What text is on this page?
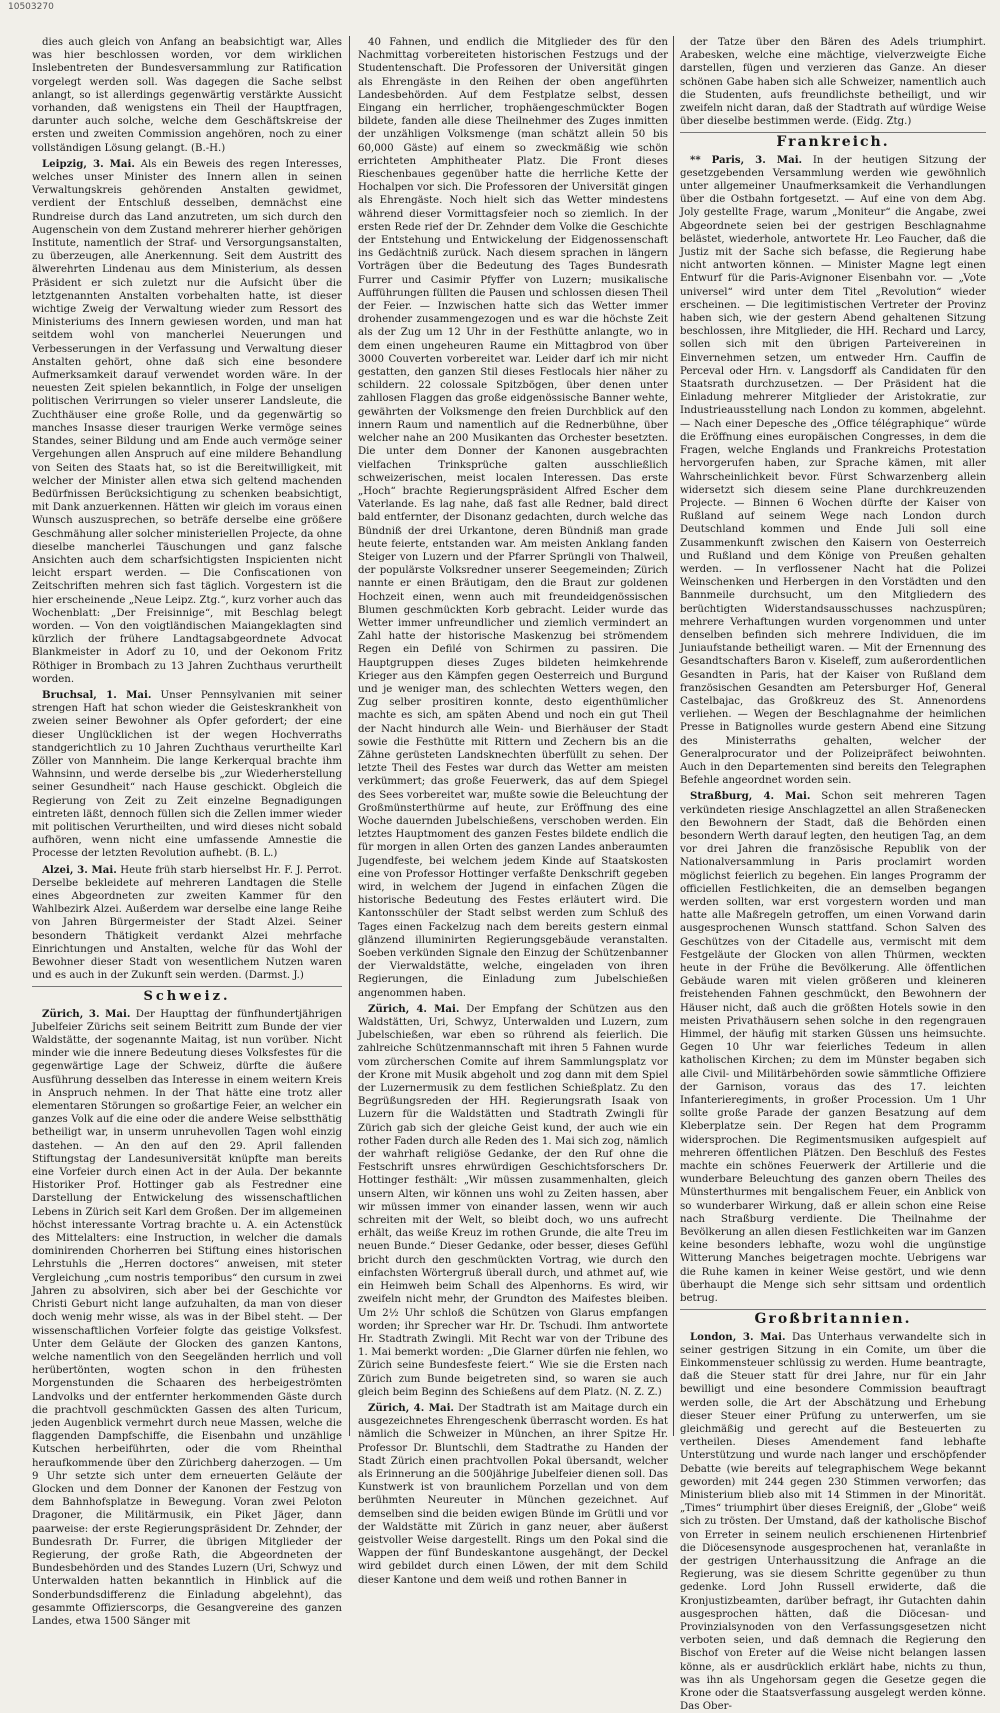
10503270

dies auch gleich von Anfang an beabsichtigt war, Alles was hier beschlossen worden, vor dem wirklichen Inslebentreten der Bundesversammlung zur Ratification vorgelegt werden soll. Was dagegen die Sache selbst anlangt, so ist allerdings gegenwärtig verstärkte Aussicht vorhanden, daß wenigstens ein Theil der Hauptfragen, darunter auch solche, welche dem Geschäftskreise der ersten und zweiten Commission angehören, noch zu einer vollständigen Lösung gelangt. (B.-H.)

Leipzig, 3. Mai. Als ein Beweis des regen Interesses, welches unser Minister des Innern allen in seinen Verwaltungskreis gehörenden Anstalten gewidmet, verdient der Entschluß desselben, demnächst eine Rundreise durch das Land anzutreten, um sich durch den Augenschein von dem Zustand mehrerer hierher gehörigen Institute, namentlich der Straf- und Versorgungsanstalten, zu überzeugen, alle Anerkennung. Seit dem Austritt des älwerehrten Lindenau aus dem Ministerium, als dessen Präsident er sich zuletzt nur die Aufsicht über die letztgenannten Anstalten vorbehalten hatte, ist dieser wichtige Zweig der Verwaltung wieder zum Ressort des Ministeriums des Innern gewiesen worden, und man hat seitdem wohl von mancherlei Neuerungen und Verbesserungen in der Verfassung und Verwaltung dieser Anstalten gehört, ohne daß sich eine besondere Aufmerksamkeit darauf verwendet worden wäre. In der neuesten Zeit spielen bekanntlich, in Folge der unseligen politischen Verirrungen so vieler unserer Landsleute, die Zuchthäuser eine große Rolle, und da gegenwärtig so manches Insasse dieser traurigen Werke vermöge seines Standes, seiner Bildung und am Ende auch vermöge seiner Vergehungen allen Anspruch auf eine mildere Behandlung von Seiten des Staats hat, so ist die Bereitwilligkeit, mit welcher der Minister allen etwa sich geltend machenden Bedürfnissen Berücksichtigung zu schenken beabsichtigt, mit Dank anzuerkennen. Hätten wir gleich im voraus einen Wunsch auszusprechen, so beträfe derselbe eine größere Geschmähung aller solcher ministeriellen Projecte, da ohne dieselbe mancherlei Täuschungen und ganz falsche Ansichten auch dem scharfsichtigsten Inspicienten nicht leicht erspart werden. — Die Confiscationen von Zeitschriften mehren sich fast täglich. Vorgestern ist die hier erscheinende „Neue Leipz. Ztg.“, kurz vorher auch das Wochenblatt: „Der Freisinnige“, mit Beschlag belegt worden. — Von den voigtländischen Maiangeklagten sind kürzlich der frühere Landtagsabgeordnete Advocat Blankmeister in Adorf zu 10, und der Oekonom Fritz Röthiger in Brombach zu 13 Jahren Zuchthaus verurtheilt worden.

Bruchsal, 1. Mai. Unser Pennsylvanien mit seiner strengen Haft hat schon wieder die Geisteskrankheit von zweien seiner Bewohner als Opfer gefordert; der eine dieser Unglücklichen ist der wegen Hochverraths standgerichtlich zu 10 Jahren Zuchthaus verurtheilte Karl Zöller von Mannheim. Die lange Kerkerqual brachte ihm Wahnsinn, und werde derselbe bis „zur Wiederherstellung seiner Gesundheit“ nach Hause geschickt. Obgleich die Regierung von Zeit zu Zeit einzelne Begnadigungen eintreten läßt, dennoch füllen sich die Zellen immer wieder mit politischen Verurtheilten, und wird dieses nicht sobald aufhören, wenn nicht eine umfassende Amnestie die Processe der letzten Revolution aufhebt. (B. L.)

Alzei, 3. Mai. Heute früh starb hierselbst Hr. F. J. Perrot. Derselbe bekleidete auf mehreren Landtagen die Stelle eines Abgeordneten zur zweiten Kammer für den Wahlbezirk Alzei. Außerdem war derselbe eine lange Reihe von Jahren Bürgermeister der Stadt Alzei. Seiner besondern Thätigkeit verdankt Alzei mehrfache Einrichtungen und Anstalten, welche für das Wohl der Bewohner dieser Stadt von wesentlichem Nutzen waren und es auch in der Zukunft sein werden. (Darmst. J.)

Schweiz.

Zürich, 3. Mai. Der Haupttag der fünfhundertjährigen Jubelfeier Zürichs seit seinem Beitritt zum Bunde der vier Waldstätte, der sogenannte Maitag, ist nun vorüber. Nicht minder wie die innere Bedeutung dieses Volksfestes für die gegenwärtige Lage der Schweiz, dürfte die äußere Ausführung desselben das Interesse in einem weitern Kreis in Anspruch nehmen. In der That hätte eine trotz aller elementaren Störungen so großartige Feier, an welcher ein ganzes Volk auf die eine oder die andere Weise selbstthätig betheiligt war, in unserm unruhevollen Tagen wohl einzig dastehen. — An den auf den 29. April fallenden Stiftungstag der Landesuniversität knüpfte man bereits eine Vorfeier durch einen Act in der Aula. Der bekannte Historiker Prof. Hottinger gab als Festredner eine Darstellung der Entwickelung des wissenschaftlichen Lebens in Zürich seit Karl dem Großen. Der im allgemeinen höchst interessante Vortrag brachte u. A. ein Actenstück des Mittelalters: eine Instruction, in welcher die damals dominirenden Chorherren bei Stiftung eines historischen Lehrstuhls die „Herren doctores“ anweisen, mit steter Vergleichung „cum nostris temporibus“ den cursum in zwei Jahren zu absolviren, sich aber bei der Geschichte vor Christi Geburt nicht lange aufzuhalten, da man von dieser doch wenig mehr wisse, als was in der Bibel steht. — Der wissenschaftlichen Vorfeier folgte das geistige Volksfest. Unter dem Geläute der Glocken des ganzen Kantons, welche namentlich von den Seegeländen herrlich und voll herübertönten, wogten schon in den frühesten Morgenstunden die Schaaren des herbeigeströmten Landvolks und der entfernter herkommenden Gäste durch die prachtvoll geschmückten Gassen des alten Turicum, jeden Augenblick vermehrt durch neue Massen, welche die flaggenden Dampfschiffe, die Eisenbahn und unzählige Kutschen herbeiführten, oder die vom Rheinthal heraufkommende über den Zürichberg daherzogen. — Um 9 Uhr setzte sich unter dem erneuerten Geläute der Glocken und dem Donner der Kanonen der Festzug von dem Bahnhofsplatze in Bewegung. Voran zwei Peloton Dragoner, die Militärmusik, ein Piket Jäger, dann paarweise: der erste Regierungspräsident Dr. Zehnder, der Bundesrath Dr. Furrer, die übrigen Mitglieder der Regierung, der große Rath, die Abgeordneten der Bundesbehörden und des Standes Luzern (Uri, Schwyz und Unterwalden hatten bekanntlich in Hinblick auf die Sonderbundsdifferenz die Einladung abgelehnt), das gesammte Offizierscorps, die Gesangvereine des ganzen Landes, etwa 1500 Sänger mit

40 Fahnen, und endlich die Mitglieder des für den Nachmittag vorbereiteten historischen Festzugs und der Studentenschaft. Die Professoren der Universität gingen als Ehrengäste in den Reihen der oben angeführten Landesbehörden. Auf dem Festplatze selbst, dessen Eingang ein herrlicher, trophäengeschmückter Bogen bildete, fanden alle diese Theilnehmer des Zuges inmitten der unzähligen Volksmenge (man schätzt allein 50 bis 60,000 Gäste) auf einem so zweckmäßig wie schön errichteten Amphitheater Platz. Die Front dieses Rieschenbaues gegenüber hatte die herrliche Kette der Hochalpen vor sich. Die Professoren der Universität gingen als Ehrengäste. Noch hielt sich das Wetter mindestens während dieser Vormittagsfeier noch so ziemlich. In der ersten Rede rief der Dr. Zehnder dem Volke die Geschichte der Entstehung und Entwickelung der Eidgenossenschaft ins Gedächtniß zurück. Nach diesem sprachen in längern Vorträgen über die Bedeutung des Tages Bundesrath Furrer und Casimir Pfyffer von Luzern; musikalische Aufführungen füllten die Pausen und schlossen diesen Theil der Feier. — Inzwischen hatte sich das Wetter immer drohender zusammengezogen und es war die höchste Zeit als der Zug um 12 Uhr in der Festhütte anlangte, wo in dem einen ungeheuren Raume ein Mittagbrod von über 3000 Couverten vorbereitet war. Leider darf ich mir nicht gestatten, den ganzen Stil dieses Festlocals hier näher zu schildern. 22 colossale Spitzbögen, über denen unter zahllosen Flaggen das große eidgenössische Banner wehte, gewährten der Volksmenge den freien Durchblick auf den innern Raum und namentlich auf die Rednerbühne, über welcher nahe an 200 Musikanten das Orchester besetzten. Die unter dem Donner der Kanonen ausgebrachten vielfachen Trinksprüche galten ausschließlich schweizerischen, meist localen Interessen. Das erste „Hoch“ brachte Regierungspräsident Alfred Escher dem Vaterlande. Es lag nahe, daß fast alle Redner, bald direct bald entfernter, der Disonanz gedachten, durch welche das Bündniß der drei Urkantone, deren Bündniß man grade heute feierte, entstanden war. Am meisten Anklang fanden Steiger von Luzern und der Pfarrer Sprüngli von Thalweil, der populärste Volksredner unserer Seegemeinden; Zürich nannte er einen Bräutigam, den die Braut zur goldenen Hochzeit einen, wenn auch mit freundeidgenössischen Blumen geschmückten Korb gebracht. Leider wurde das Wetter immer unfreundlicher und ziemlich vermindert an Zahl hatte der historische Maskenzug bei strömendem Regen ein Defilé von Schirmen zu passiren. Die Hauptgruppen dieses Zuges bildeten heimkehrende Krieger aus den Kämpfen gegen Oesterreich und Burgund und je weniger man, des schlechten Wetters wegen, den Zug selber prositiren konnte, desto eigenthümlicher machte es sich, am späten Abend und noch ein gut Theil der Nacht hindurch alle Wein- und Bierhäuser der Stadt sowie die Festhütte mit Rittern und Zechern bis an die Zähne gerüsteten Landsknechten überfüllt zu sehen. Der letzte Theil des Festes war durch das Wetter am meisten verkümmert; das große Feuerwerk, das auf dem Spiegel des Sees vorbereitet war, mußte sowie die Beleuchtung der Großmünsterthürme auf heute, zur Eröffnung des eine Woche dauernden Jubelschießens, verschoben werden. Ein letztes Hauptmoment des ganzen Festes bildete endlich die für morgen in allen Orten des ganzen Landes anberaumten Jugendfeste, bei welchem jedem Kinde auf Staatskosten eine von Professor Hottinger verfaßte Denkschrift gegeben wird, in welchem der Jugend in einfachen Zügen die historische Bedeutung des Festes erläutert wird. Die Kantonsschüler der Stadt selbst werden zum Schluß des Tages einen Fackelzug nach dem bereits gestern einmal glänzend illuminirten Regierungsgebäude veranstalten. Soeben verkünden Signale den Einzug der Schützenbanner der Vierwaldstätte, welche, eingeladen von ihren Regierungen, die Einladung zum Jubelschießen angenommen haben.

Zürich, 4. Mai. Der Empfang der Schützen aus den Waldstätten, Uri, Schwyz, Unterwalden und Luzern, zum Jubelschießen, war eben so rührend als feierlich. Die zahlreiche Schützenmannschaft mit ihren 5 Fahnen wurde vom zürcherschen Comite auf ihrem Sammlungsplatz vor der Krone mit Musik abgeholt und zog dann mit dem Spiel der Luzernermusik zu dem festlichen Schießplatz. Zu den Begrüßungsreden der HH. Regierungsrath Isaak von Luzern für die Waldstätten und Stadtrath Zwingli für Zürich gab sich der gleiche Geist kund, der auch wie ein rother Faden durch alle Reden des 1. Mai sich zog, nämlich der wahrhaft religiöse Gedanke, der den Ruf ohne die Festschrift unsres ehrwürdigen Geschichtsforschers Dr. Hottinger festhält: „Wir müssen zusammenhalten, gleich unsern Alten, wir können uns wohl zu Zeiten hassen, aber wir müssen immer von einander lassen, wenn wir auch schreiten mit der Welt, so bleibt doch, wo uns aufrecht erhält, das weiße Kreuz im rothen Grunde, die alte Treu im neuen Bunde.“ Dieser Gedanke, oder besser, dieses Gefühl bricht durch den geschmückten Vortrag, wie durch den einfachsten Wörtergruß überall durch, und athmet auf, wie ein Heimweh beim Schall des Alpenhorns. Es wird, wir zweifeln nicht mehr, der Grundton des Maifestes bleiben. Um 2½ Uhr schloß die Schützen von Glarus empfangen worden; ihr Sprecher war Hr. Dr. Tschudi. Ihm antwortete Hr. Stadtrath Zwingli. Mit Recht war von der Tribune des 1. Mai bemerkt worden: „Die Glarner dürfen nie fehlen, wo Zürich seine Bundesfeste feiert.“ Wie sie die Ersten nach Zürich zum Bunde beigetreten sind, so waren sie auch gleich beim Beginn des Schießens auf dem Platz. (N. Z. Z.)

Zürich, 4. Mai. Der Stadtrath ist am Maitage durch ein ausgezeichnetes Ehrengeschenk überrascht worden. Es hat nämlich die Schweizer in München, an ihrer Spitze Hr. Professor Dr. Bluntschli, dem Stadtrathe zu Handen der Stadt Zürich einen prachtvollen Pokal übersandt, welcher als Erinnerung an die 500jährige Jubelfeier dienen soll. Das Kunstwerk ist von braunlichem Porzellan und von dem berühmten Neureuter in München gezeichnet. Auf demselben sind die beiden ewigen Bünde im Grütli und vor der Waldstätte mit Zürich in ganz neuer, aber äußerst geistvoller Weise dargestellt. Rings um den Pokal sind die Wappen der fünf Bundeskantone ausgehängt, der Deckel wird gebildet durch einen Löwen, der mit dem Schild dieser Kantone und dem weiß und rothen Banner in

der Tatze über den Bären des Adels triumphirt. Arabesken, welche eine mächtige, vielverzweigte Eiche darstellen, fügen und verzieren das Ganze. An dieser schönen Gabe haben sich alle Schweizer, namentlich auch die Studenten, aufs freundlichste betheiligt, und wir zweifeln nicht daran, daß der Stadtrath auf würdige Weise über dieselbe bestimmen werde. (Eidg. Ztg.)

Frankreich.

** Paris, 3. Mai. In der heutigen Sitzung der gesetzgebenden Versammlung werden wie gewöhnlich unter allgemeiner Unaufmerksamkeit die Verhandlungen über die Ostbahn fortgesetzt. — Auf eine von dem Abg. Joly gestellte Frage, warum „Moniteur“ die Angabe, zwei Abgeordnete seien bei der gestrigen Beschlagnahme belästet, wiederhole, antwortete Hr. Leo Faucher, daß die Justiz mit der Sache sich befasse, die Regierung habe nicht antworten können. — Minister Magne legt einen Entwurf für die Paris-Avignoner Eisenbahn vor. — „Vote universel“ wird unter dem Titel „Revolution“ wieder erscheinen. — Die legitimistischen Vertreter der Provinz haben sich, wie der gestern Abend gehaltenen Sitzung beschlossen, ihre Mitglieder, die HH. Rechard und Larcy, sollen sich mit den übrigen Parteivereinen in Einvernehmen setzen, um entweder Hrn. Cauffin de Perceval oder Hrn. v. Langsdorff als Candidaten für den Staatsrath durchzusetzen. — Der Präsident hat die Einladung mehrerer Mitglieder der Aristokratie, zur Industrieausstellung nach London zu kommen, abgelehnt. — Nach einer Depesche des „Office télégraphique“ würde die Eröffnung eines europäischen Congresses, in dem die Fragen, welche Englands und Frankreichs Protestation hervorgerufen haben, zur Sprache kämen, mit aller Wahrscheinlichkeit bevor. Fürst Schwarzenberg allein widersetzt sich diesem seine Plane durchkreuzenden Projecte. — Binnen 6 Wochen dürfte der Kaiser von Rußland auf seinem Wege nach London durch Deutschland kommen und Ende Juli soll eine Zusammenkunft zwischen den Kaisern von Oesterreich und Rußland und dem Könige von Preußen gehalten werden. — In verflossener Nacht hat die Polizei Weinschenken und Herbergen in den Vorstädten und den Bannmeile durchsucht, um den Mitgliedern des berüchtigten Widerstandsausschusses nachzuspüren; mehrere Verhaftungen wurden vorgenommen und unter denselben befinden sich mehrere Individuen, die im Juniaufstande betheiligt waren. — Mit der Ernennung des Gesandtschafters Baron v. Kiseleff, zum außerordentlichen Gesandten in Paris, hat der Kaiser von Rußland dem französischen Gesandten am Petersburger Hof, General Castelbajac, das Großkreuz des St. Annenordens verliehen. — Wegen der Beschlagnahme der heimlichen Presse in Batignolles wurde gestern Abend eine Sitzung des Ministerraths gehalten, welcher der Generalprocurator und der Polizeipräfect beiwohnten. Auch in den Departementen sind bereits den Telegraphen Befehle angeordnet worden sein.

Straßburg, 4. Mai. Schon seit mehreren Tagen verkündeten riesige Anschlagzettel an allen Straßenecken den Bewohnern der Stadt, daß die Behörden einen besondern Werth darauf legten, den heutigen Tag, an dem vor drei Jahren die französische Republik von der Nationalversammlung in Paris proclamirt worden möglichst feierlich zu begehen. Ein langes Programm der officiellen Festlichkeiten, die an demselben begangen werden sollten, war erst vorgestern worden und man hatte alle Maßregeln getroffen, um einen Vorwand darin ausgesprochenen Wunsch stattfand. Schon Salven des Geschützes von der Citadelle aus, vermischt mit dem Festgeläute der Glocken von allen Thürmen, weckten heute in der Frühe die Bevölkerung. Alle öffentlichen Gebäude waren mit vielen größeren und kleineren freistehenden Fahnen geschmückt, den Bewohnern der Häuser nicht, daß auch die größten Hotels sowie in den meisten Privathäusern sehen solche in den regengrauen Himmel, der häufig mit starken Güssen uns heimsuchte. Gegen 10 Uhr war feierliches Tedeum in allen katholischen Kirchen; zu dem im Münster begaben sich alle Civil- und Militärbehörden sowie sämmtliche Offiziere der Garnison, voraus das des 17. leichten Infanterieregiments, in großer Procession. Um 1 Uhr sollte große Parade der ganzen Besatzung auf dem Kleberplatze sein. Der Regen hat dem Programm widersprochen. Die Regimentsmusiken aufgespielt auf mehreren öffentlichen Plätzen. Den Beschluß des Festes machte ein schönes Feuerwerk der Artillerie und die wunderbare Beleuchtung des ganzen obern Theiles des Münsterthurmes mit bengalischem Feuer, ein Anblick von so wunderbarer Wirkung, daß er allein schon eine Reise nach Straßburg verdiente. Die Theilnahme der Bevölkerung an allen diesen Festlichkeiten war im Ganzen keine besonders lebhafte, wozu wohl die ungünstige Witterung Manches beigetragen mochte. Uebrigens war die Ruhe kamen in keiner Weise gestört, und wie denn überhaupt die Menge sich sehr sittsam und ordentlich betrug.

Großbritannien.

London, 3. Mai. Das Unterhaus verwandelte sich in seiner gestrigen Sitzung in ein Comite, um über die Einkommensteuer schlüssig zu werden. Hume beantragte, daß die Steuer statt für drei Jahre, nur für ein Jahr bewilligt und eine besondere Commission beauftragt werden solle, die Art der Abschätzung und Erhebung dieser Steuer einer Prüfung zu unterwerfen, um sie gleichmäßig und gerecht auf die Besteuerten zu vertheilen. Dieses Amendement fand lebhafte Unterstützung und wurde nach langer und erschöpfender Debatte (wie bereits auf telegraphischem Wege bekannt geworden) mit 244 gegen 230 Stimmen verworfen; das Ministerium blieb also mit 14 Stimmen in der Minorität. „Times“ triumphirt über dieses Ereigniß, der „Globe“ weiß sich zu trösten. Der Umstand, daß der katholische Bischof von Erreter in seinem neulich erschienenen Hirtenbrief die Diöcesensynode ausgesprochenen hat, veranlaßte in der gestrigen Unterhaussitzung die Anfrage an die Regierung, was sie diesem Schritte gegenüber zu thun gedenke. Lord John Russell erwiderte, daß die Kronjustizbeamten, darüber befragt, ihr Gutachten dahin ausgesprochen hätten, daß die Diöcesan- und Provinzialsynoden von den Verfassungsgesetzen nicht verboten seien, und daß demnach die Regierung den Bischof von Ereter auf die Weise nicht belangen lassen könne, als er ausdrücklich erklärt habe, nichts zu thun, was ihn als Ungehorsam gegen die Gesetze gegen die Krone oder die Staatsverfassung ausgelegt werden könne. Das Ober-
